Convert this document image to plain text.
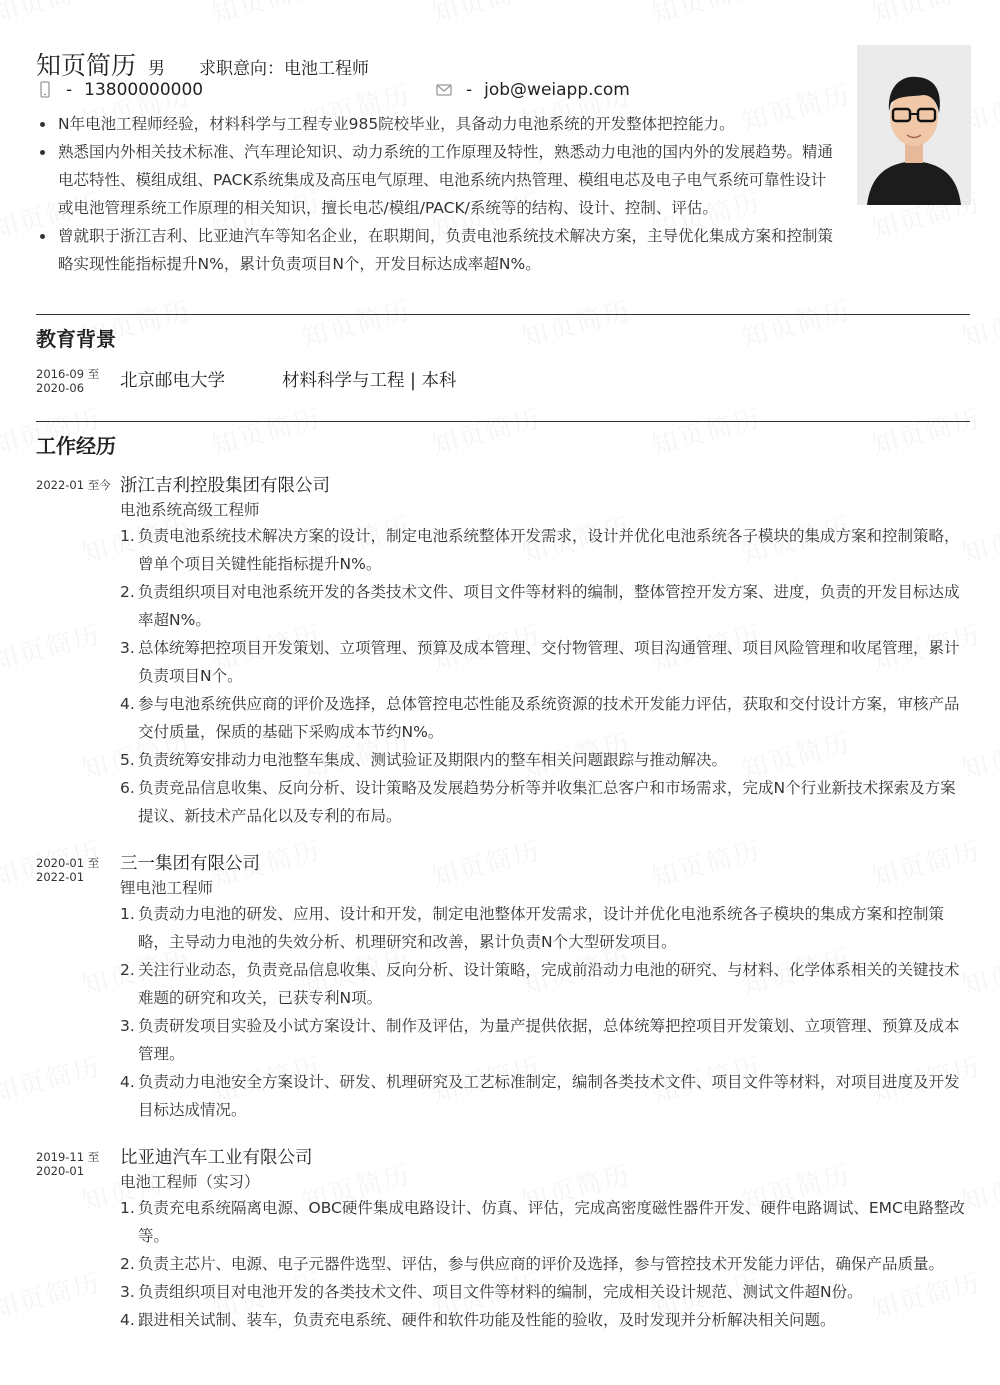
知页简历 男 求职意向：电池工程师
- 13800000000	- job@weiapp.com
N年电池工程师经验，材料科学与工程专业985院校毕业，具备动力电池系统的开发整体把控能力。
熟悉国内外相关技术标准、汽车理论知识、动力系统的工作原理及特性，熟悉动力电池的国内外的发展趋势。精通电芯特性、模组成组、PACK系统集成及高压电气原理、电池系统内热管理、模组电芯及电子电气系统可靠性设计或电池管理系统工作原理的相关知识，擅长电芯/模组/PACK/系统等的结构、设计、控制、评估。
曾就职于浙江吉利、比亚迪汽车等知名企业，在职期间，负责电池系统技术解决方案，主导优化集成方案和控制策略实现性能指标提升N%，累计负责项目N个，开发目标达成率超N%。
教育背景
2016-09 至
2020-06	北京邮电大学	材料科学与工程 | 本科
工作经历
2022-01 至今 浙江吉利控股集团有限公司
电池系统高级工程师
1. 负责电池系统技术解决方案的设计，制定电池系统整体开发需求，设计并优化电池系统各子模块的集成方案和控制策略，曾单个项目关键性能指标提升N%。
2. 负责组织项目对电池系统开发的各类技术文件、项目文件等材料的编制，整体管控开发方案、进度，负责的开发目标达成率超N%。
3. 总体统筹把控项目开发策划、立项管理、预算及成本管理、交付物管理、项目沟通管理、项目风险管理和收尾管理，累计负责项目N个。
4. 参与电池系统供应商的评价及选择，总体管控电芯性能及系统资源的技术开发能力评估，获取和交付设计方案，审核产品交付质量，保质的基础下采购成本节约N%。
5. 负责统筹安排动力电池整车集成、测试验证及期限内的整车相关问题跟踪与推动解决。
6. 负责竞品信息收集、反向分析、设计策略及发展趋势分析等并收集汇总客户和市场需求，完成N个行业新技术探索及方案提议、新技术产品化以及专利的布局。
2020-01 至
2022-01
三一集团有限公司
锂电池工程师
1. 负责动力电池的研发、应用、设计和开发，制定电池整体开发需求，设计并优化电池系统各子模块的集成方案和控制策略，主导动力电池的失效分析、机理研究和改善，累计负责N个大型研发项目。
2. 关注行业动态，负责竞品信息收集、反向分析、设计策略，完成前沿动力电池的研究、与材料、化学体系相关的关键技术难题的研究和攻关，已获专利N项。
3. 负责研发项目实验及小试方案设计、制作及评估，为量产提供依据，总体统筹把控项目开发策划、立项管理、预算及成本管理。
4. 负责动力电池安全方案设计、研发、机理研究及工艺标准制定，编制各类技术文件、项目文件等材料，对项目进度及开发目标达成情况。
2019-11 至
2020-01
比亚迪汽车工业有限公司
电池工程师（实习）
1. 负责充电系统隔离电源、OBC硬件集成电路设计、仿真、评估，完成高密度磁性器件开发、硬件电路调试、EMC电路整改等。
2. 负责主芯片、电源、电子元器件选型、评估，参与供应商的评价及选择，参与管控技术开发能力评估，确保产品质量。
3. 负责组织项目对电池开发的各类技术文件、项目文件等材料的编制，完成相关设计规范、测试文件超N份。
4. 跟进相关试制、装车，负责充电系统、硬件和软件功能及性能的验收，及时发现并分析解决相关问题。
